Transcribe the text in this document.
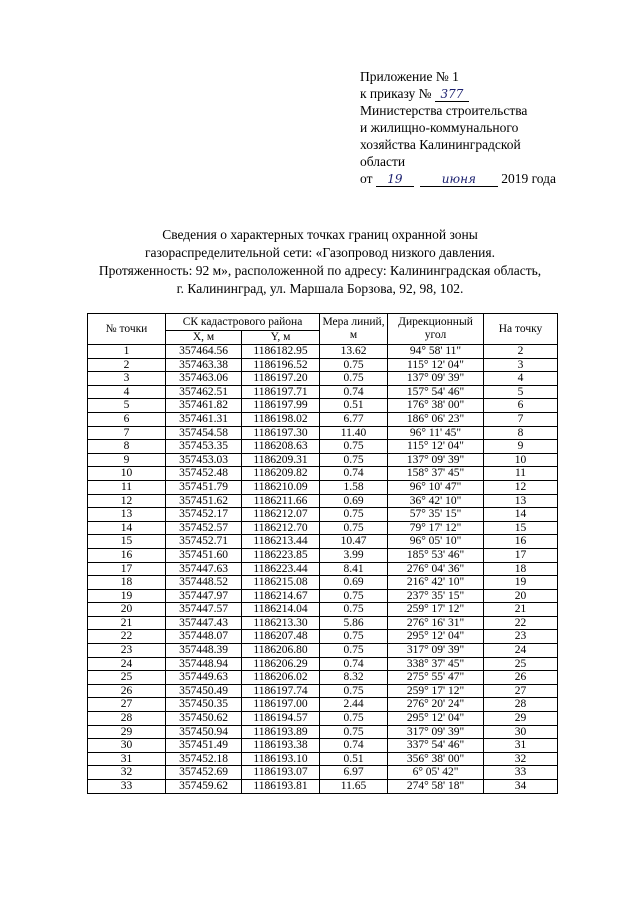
Приложение № 1
к приказу № 377
Министерства строительства
и жилищно-коммунального
хозяйства Калининградской
области
от 19	июня 2019 года
Сведения о характерных точках границ охранной зоны
газораспределительной сети: «Газопровод низкого давления.
Протяженность: 92 м», расположенной по адресу: Калининградская область,
г. Калининград, ул. Маршала Борзова, 92, 98, 102.
№ точки	СК кадастрового района		Мера линий, м	Дирекционный угол	На точку
	X, м	Y, м			
1	357464.56	1186182.95	13.62	94° 58' 11"	2
2	357463.38	1186196.52	0.75	115° 12' 04"	3
3	357463.06	1186197.20	0.75	137° 09' 39"	4
4	357462.51	1186197.71	0.74	157° 54' 46"	5
5	357461.82	1186197.99	0.51	176° 38' 00"	6
6	357461.31	1186198.02	6.77	186° 06' 23"	7
7	357454.58	1186197.30	11.40	96° 11' 45"	8
8	357453.35	1186208.63	0.75	115° 12' 04"	9
9	357453.03	1186209.31	0.75	137° 09' 39"	10
10	357452.48	1186209.82	0.74	158° 37' 45"	11
11	357451.79	1186210.09	1.58	96° 10' 47"	12
12	357451.62	1186211.66	0.69	36° 42' 10"	13
13	357452.17	1186212.07	0.75	57° 35' 15"	14
14	357452.57	1186212.70	0.75	79° 17' 12"	15
15	357452.71	1186213.44	10.47	96° 05' 10"	16
16	357451.60	1186223.85	3.99	185° 53' 46"	17
17	357447.63	1186223.44	8.41	276° 04' 36"	18
18	357448.52	1186215.08	0.69	216° 42' 10"	19
19	357447.97	1186214.67	0.75	237° 35' 15"	20
20	357447.57	1186214.04	0.75	259° 17' 12"	21
21	357447.43	1186213.30	5.86	276° 16' 31"	22
22	357448.07	1186207.48	0.75	295° 12' 04"	23
23	357448.39	1186206.80	0.75	317° 09' 39"	24
24	357448.94	1186206.29	0.74	338° 37' 45"	25
25	357449.63	1186206.02	8.32	275° 55' 47"	26
26	357450.49	1186197.74	0.75	259° 17' 12"	27
27	357450.35	1186197.00	2.44	276° 20' 24"	28
28	357450.62	1186194.57	0.75	295° 12' 04"	29
29	357450.94	1186193.89	0.75	317° 09' 39"	30
30	357451.49	1186193.38	0.74	337° 54' 46"	31
31	357452.18	1186193.10	0.51	356° 38' 00"	32
32	357452.69	1186193.07	6.97	6° 05' 42"	33
33	357459.62	1186193.81	11.65	274° 58' 18"	34
